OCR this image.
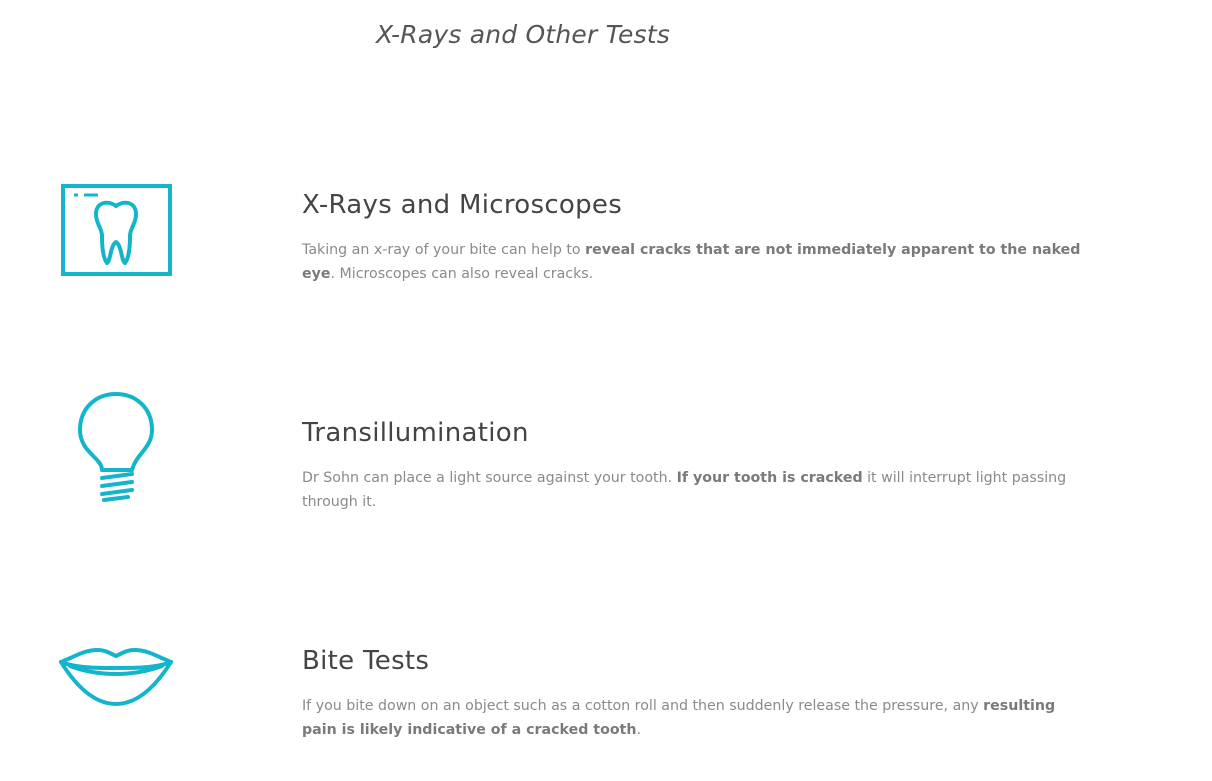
X-Rays and Other Tests
X-Rays and Microscopes

Taking an x-ray of your bite can help to reveal cracks that are not immediately apparent to the naked eye. Microscopes can also reveal cracks.

Transillumination

Dr Sohn can place a light source against your tooth. If your tooth is cracked it will interrupt light passing through it.

Bite Tests

If you bite down on an object such as a cotton roll and then suddenly release the pressure, any resulting pain is likely indicative of a cracked tooth.
